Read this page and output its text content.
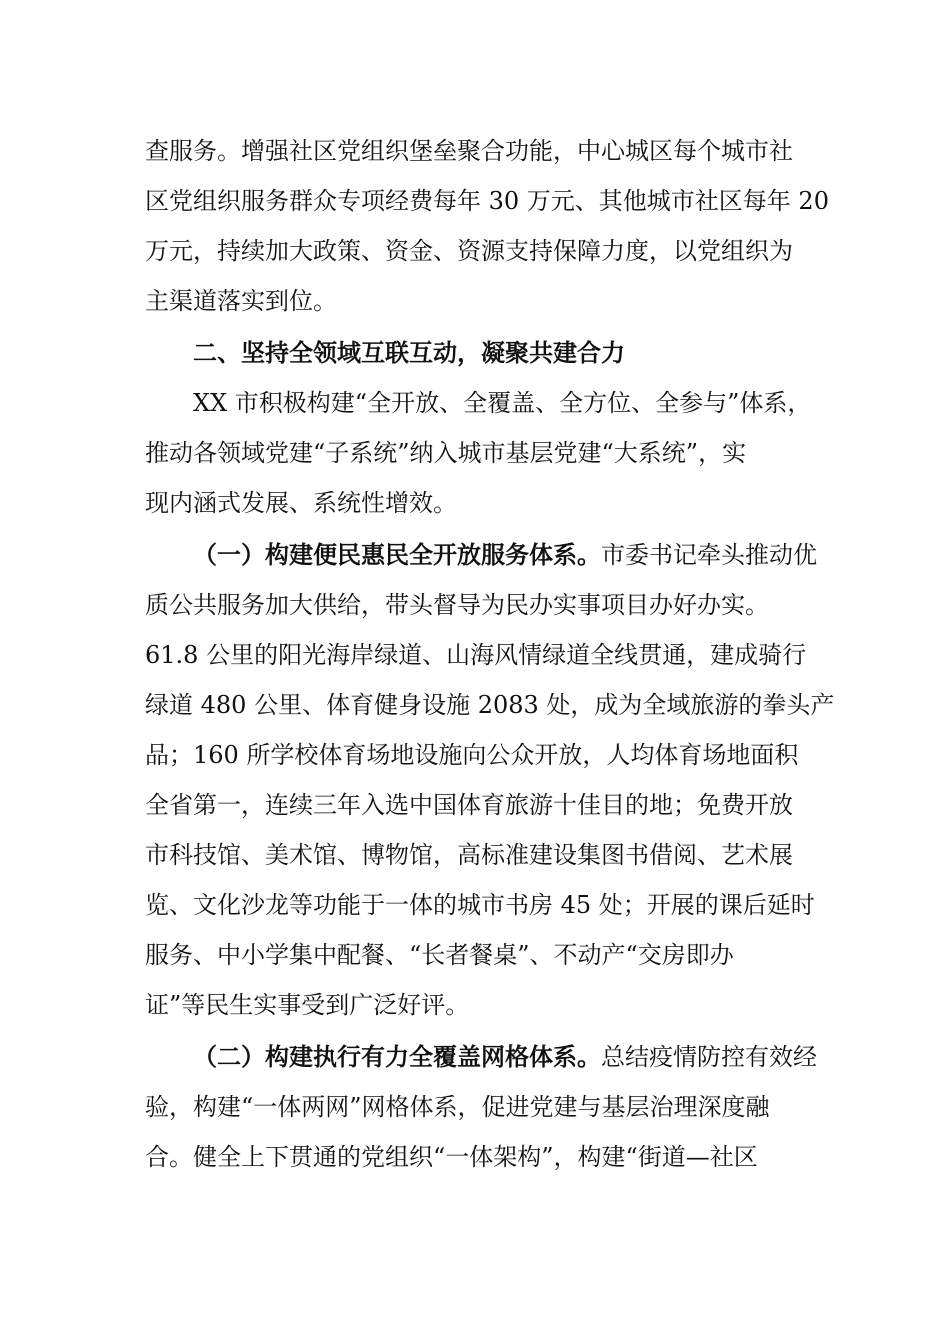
查服务。增强社区党组织堡垒聚合功能，中心城区每个城市社
区党组织服务群众专项经费每年 30 万元、其他城市社区每年 20
万元，持续加大政策、资金、资源支持保障力度，以党组织为
主渠道落实到位。
二、坚持全领域互联互动，凝聚共建合力
XX 市积极构建“全开放、全覆盖、全方位、全参与”体系，
推动各领域党建“子系统”纳入城市基层党建“大系统”，实
现内涵式发展、系统性增效。
（一）构建便民惠民全开放服务体系。市委书记牵头推动优
质公共服务加大供给，带头督导为民办实事项目办好办实。
61.8 公里的阳光海岸绿道、山海风情绿道全线贯通，建成骑行
绿道 480 公里、体育健身设施 2083 处，成为全域旅游的拳头产
品；160 所学校体育场地设施向公众开放，人均体育场地面积
全省第一，连续三年入选中国体育旅游十佳目的地；免费开放
市科技馆、美术馆、博物馆，高标准建设集图书借阅、艺术展
览、文化沙龙等功能于一体的城市书房 45 处；开展的课后延时
服务、中小学集中配餐、“长者餐桌”、不动产“交房即办
证”等民生实事受到广泛好评。
（二）构建执行有力全覆盖网格体系。总结疫情防控有效经
验，构建“一体两网”网格体系，促进党建与基层治理深度融
合。健全上下贯通的党组织“一体架构”，构建“街道—社区
